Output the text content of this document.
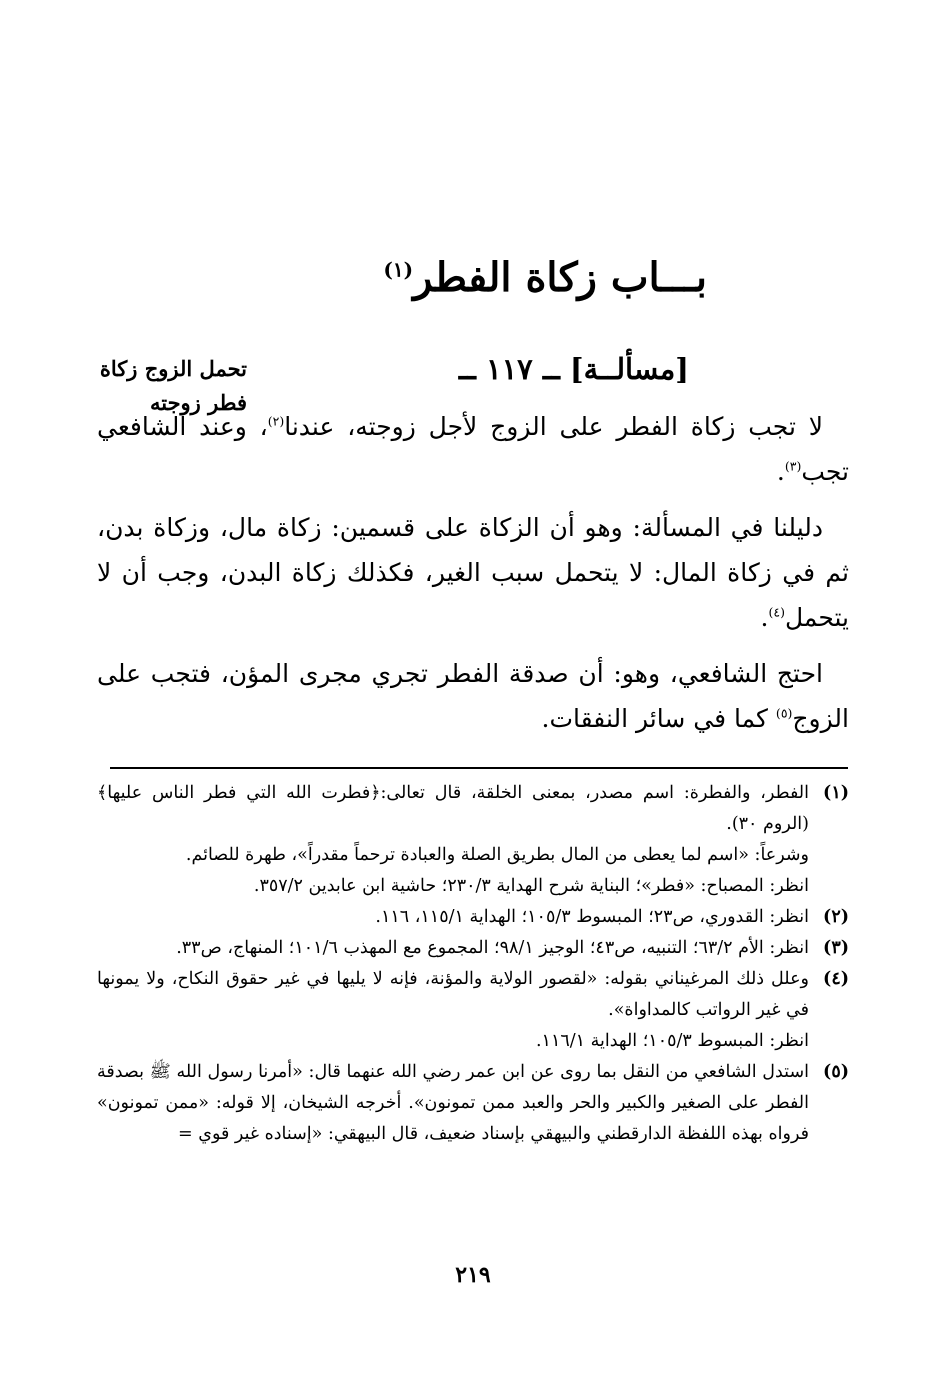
بـــاب زكاة الفطر$^{(١)}$
تحمل الزوج زكاة
فطر زوجته
[مسألــة] ــ ١١٧ ــ

لا تجب زكاة الفطر على الزوج لأجل زوجته، عندنا$^{(٢)}$، وعند الشافعي تجب$^{(٣)}$.

دليلنا في المسألة: وهو أن الزكاة على قسمين: زكاة مال، وزكاة بدن، ثم في زكاة المال: لا يتحمل سبب الغير، فكذلك زكاة البدن، وجب أن لا يتحمل$^{(٤)}$.

احتج الشافعي، وهو: أن صدقة الفطر تجري مجرى المؤن، فتجب على الزوج$^{(٥)}$ كما في سائر النفقات.

(١)
الفطر، والفطرة: اسم مصدر، بمعنى الخلقة، قال تعالى:﴿فطرت الله التي فطر الناس عليها﴾ (الروم ٣٠).
وشرعاً: «اسم لما يعطى من المال بطريق الصلة والعبادة ترحماً مقدراً»، طهرة للصائم.
انظر: المصباح: «فطر»؛ البناية شرح الهداية ٢٣٠/٣؛ حاشية ابن عابدين ٣٥٧/٢.
(٢)
انظر: القدوري، ص٢٣؛ المبسوط ١٠٥/٣؛ الهداية ١١٥/١، ١١٦.
(٣)
انظر: الأم ٦٣/٢؛ التنبيه، ص٤٣؛ الوجيز ٩٨/١؛ المجموع مع المهذب ١٠١/٦؛ المنهاج، ص٣٣.
(٤)
وعلل ذلك المرغيناني بقوله: «لقصور الولاية والمؤنة، فإنه لا يليها في غير حقوق النكاح، ولا يمونها في غير الرواتب كالمداواة».
انظر: المبسوط ١٠٥/٣؛ الهداية ١١٦/١.
(٥)
استدل الشافعي من النقل بما روى عن ابن عمر رضي الله عنهما قال: «أمرنا رسول الله ﷺ بصدقة الفطر على الصغير والكبير والحر والعبد ممن تمونون». أخرجه الشيخان، إلا قوله: «ممن تمونون» فرواه بهذه اللفظة الدارقطني والبيهقي بإسناد ضعيف، قال البيهقي: «إسناده غير قوي =
٢١٩
